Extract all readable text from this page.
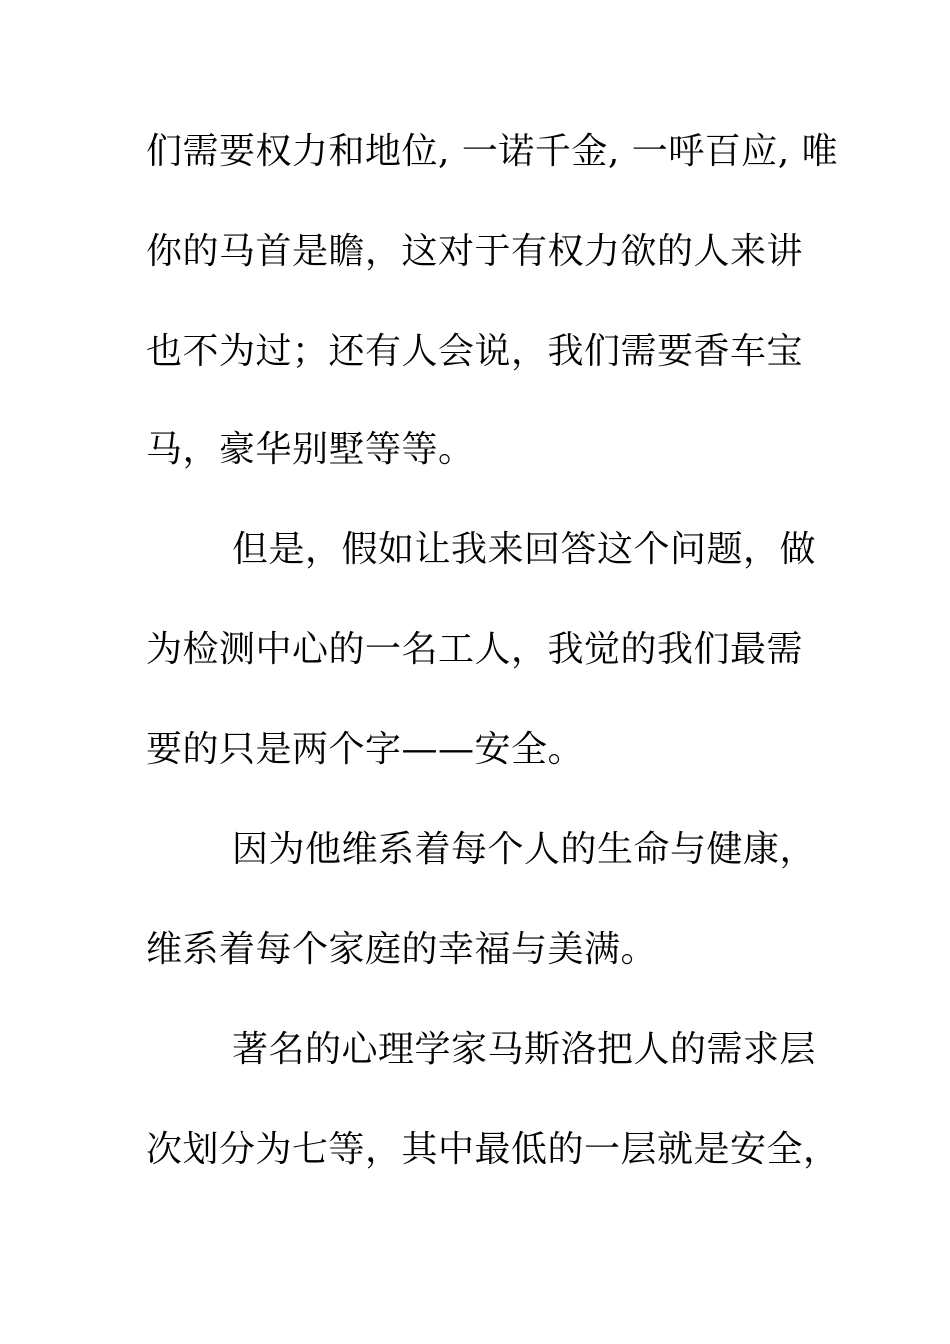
们需要权力和地位, 一诺千金, 一呼百应, 唯

你的马首是瞻，这对于有权力欲的人来讲

也不为过；还有人会说，我们需要香车宝

马，豪华别墅等等。

但是，假如让我来回答这个问题，做

为检测中心的一名工人，我觉的我们最需

要的只是两个字——安全。

因为他维系着每个人的生命与健康，

维系着每个家庭的幸福与美满。

著名的心理学家马斯洛把人的需求层

次划分为七等，其中最低的一层就是安全，
